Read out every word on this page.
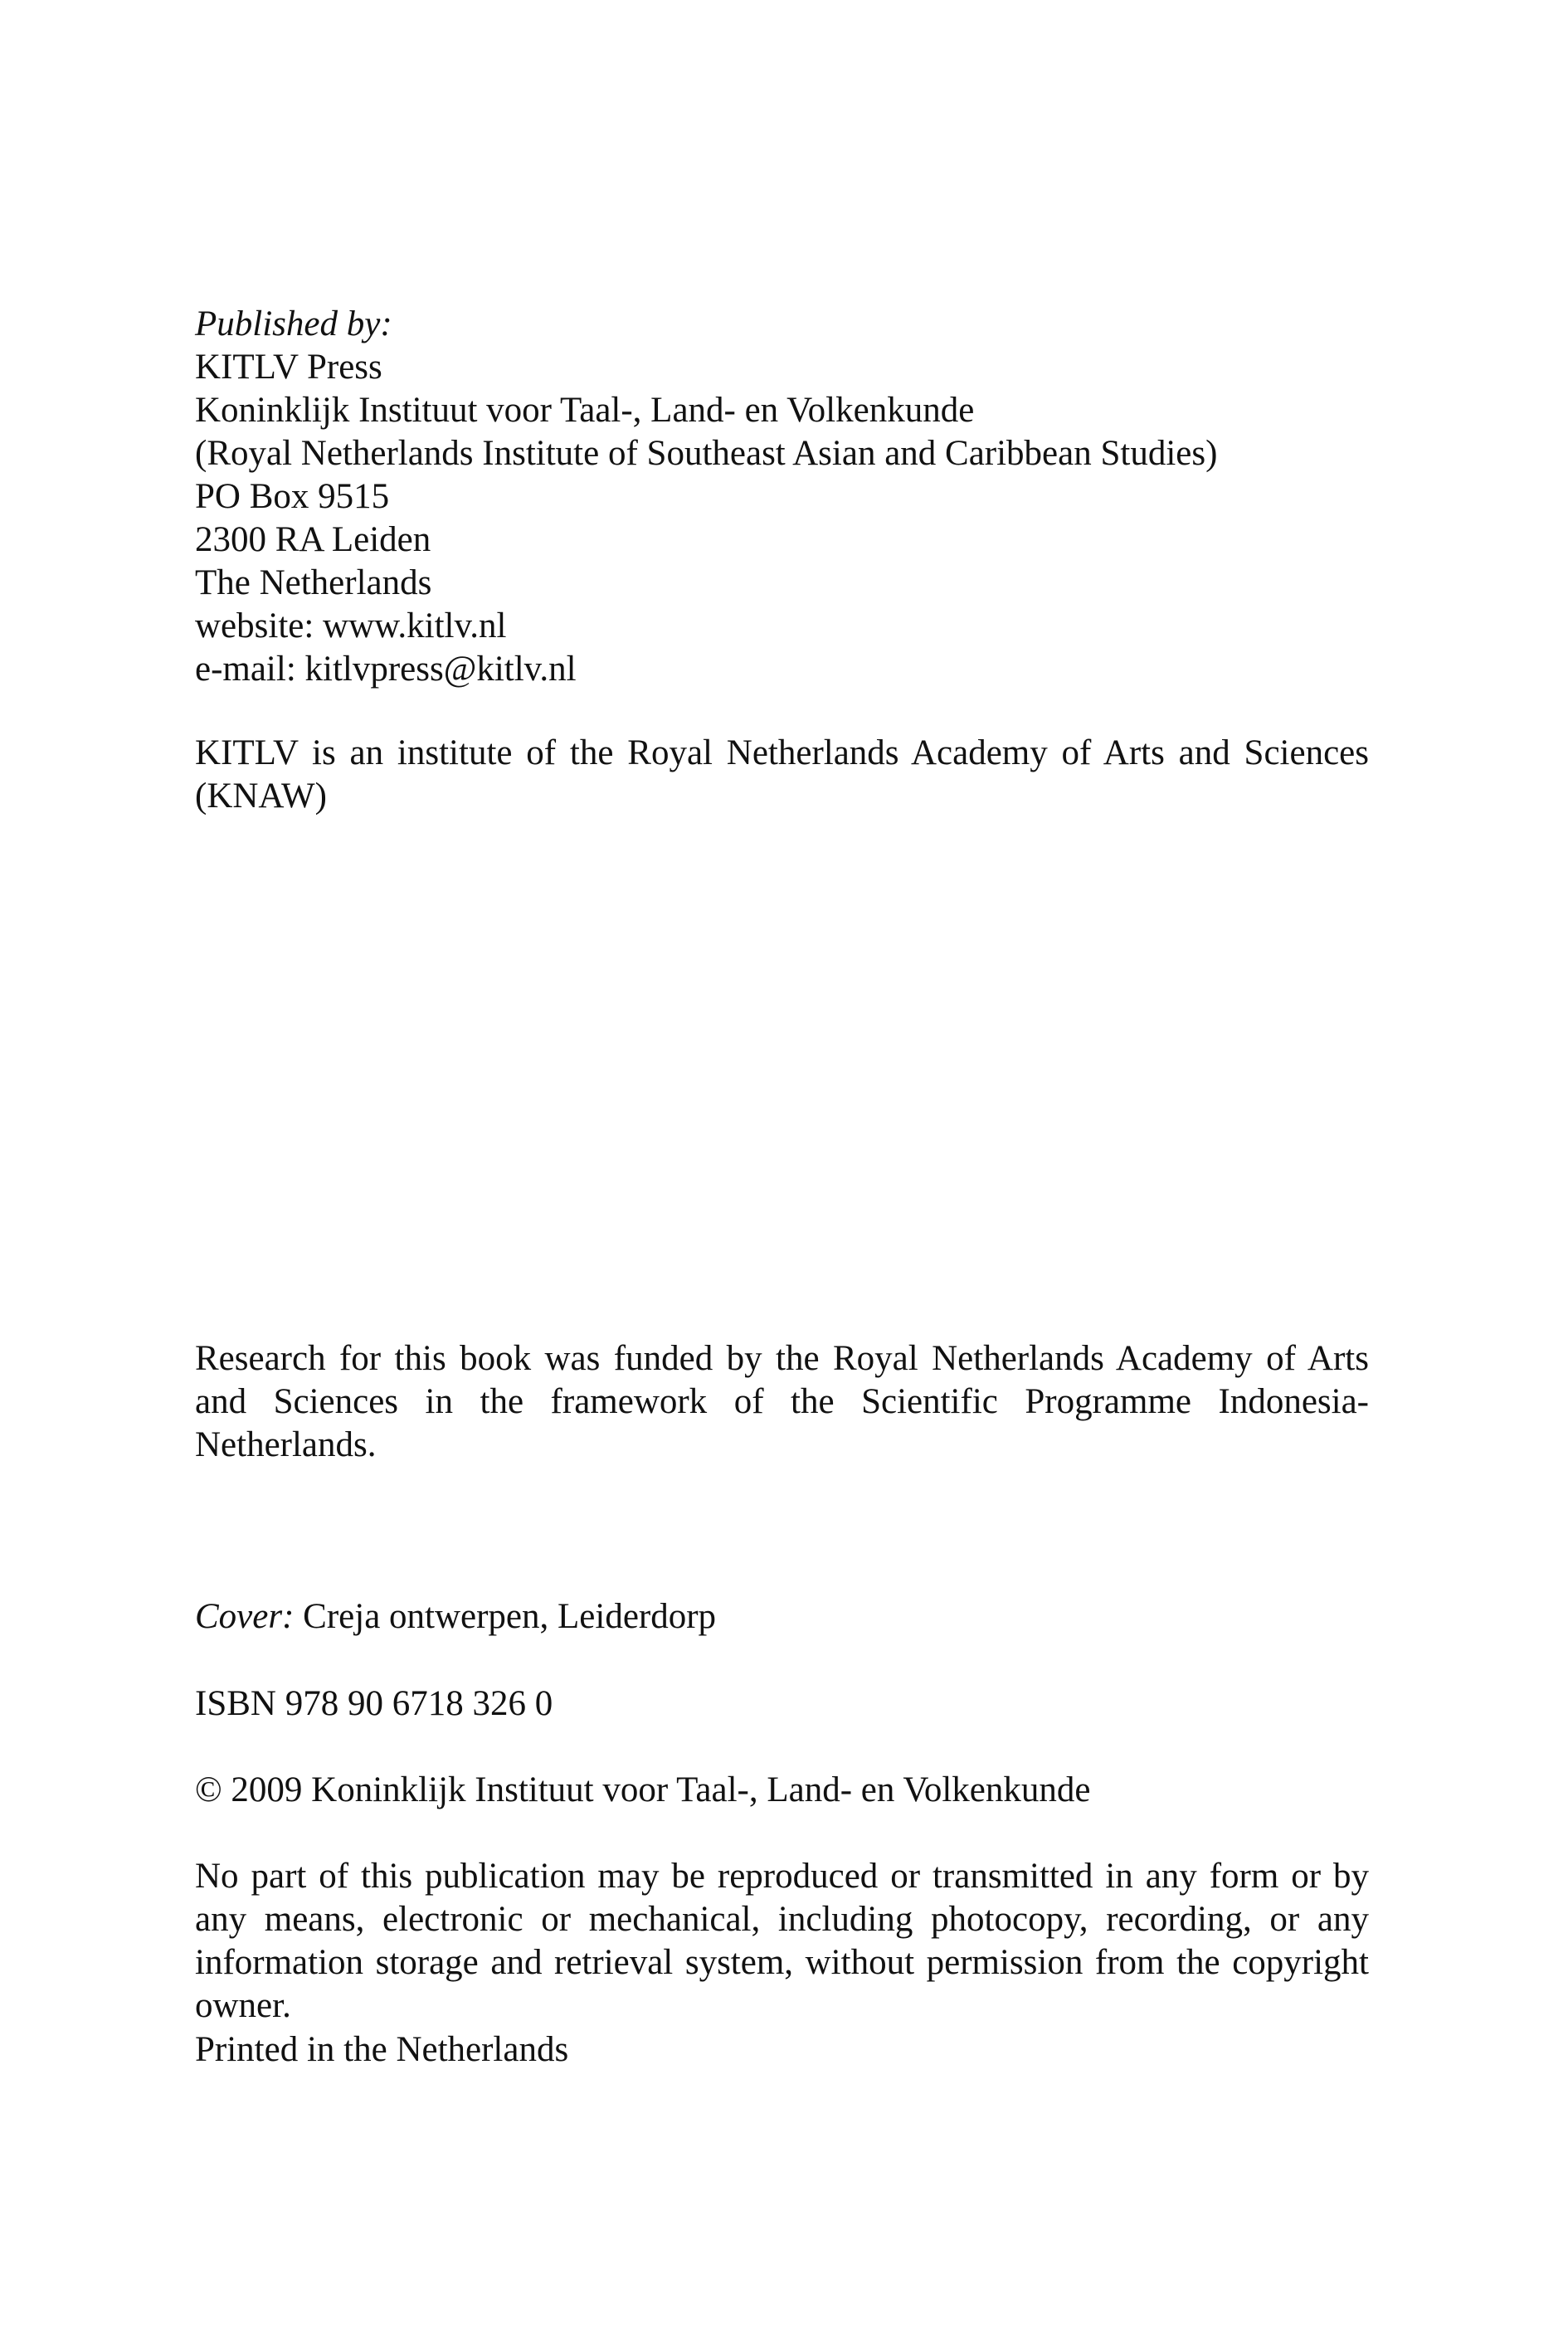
Published by:
KITLV Press
Koninklijk Instituut voor Taal-, Land- en Volkenkunde
(Royal Netherlands Institute of Southeast Asian and Caribbean Studies)
PO Box 9515
2300 RA Leiden
The Netherlands
website: www.kitlv.nl
e-mail: kitlvpress@kitlv.nl
KITLV is an institute of the Royal Netherlands Academy of Arts and Sciences (KNAW)
Research for this book was funded by the Royal Netherlands Academy of Arts and Sciences in the framework of the Scientific Programme Indonesia-Netherlands.
Cover: Creja ontwerpen, Leiderdorp
ISBN 978 90 6718 326 0
© 2009 Koninklijk Instituut voor Taal-, Land- en Volkenkunde
No part of this publication may be reproduced or transmitted in any form or by any means, electronic or mechanical, including photocopy, recording, or any information storage and retrieval system, without permission from the copyright owner.
Printed in the Netherlands
